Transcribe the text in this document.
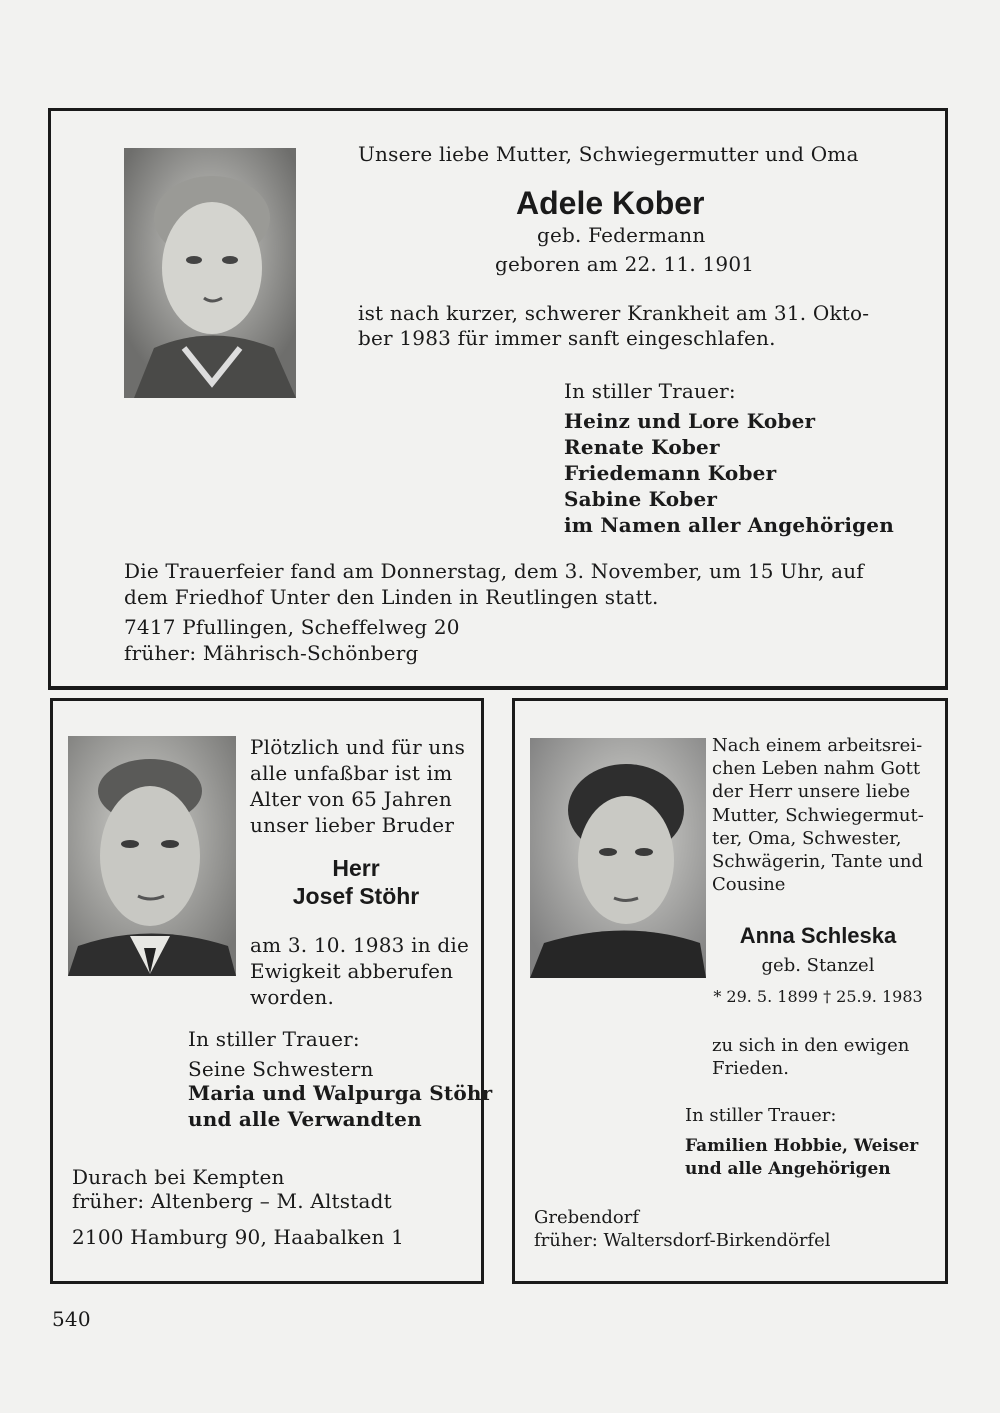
Unsere liebe Mutter, Schwiegermutter und Oma
Adele Kober
geb. Federmann
geboren am 22. 11. 1901
ist nach kurzer, schwerer Krankheit am 31. Okto-
ber 1983 für immer sanft eingeschlafen.
In stiller Trauer:
Heinz und Lore Kober
Renate Kober
Friedemann Kober
Sabine Kober
im Namen aller Angehörigen
Die Trauerfeier fand am Donnerstag, dem 3. November, um 15 Uhr, auf
dem Friedhof Unter den Linden in Reutlingen statt.
7417 Pfullingen, Scheffelweg 20
früher: Mährisch-Schönberg
Plötzlich und für uns
alle unfaßbar ist im
Alter von 65 Jahren
unser lieber Bruder
Herr
Josef Stöhr
am 3. 10. 1983 in die
Ewigkeit abberufen
worden.
In stiller Trauer:
Seine Schwestern
Maria und Walpurga Stöhr
und alle Verwandten
Durach bei Kempten
früher: Altenberg – M. Altstadt
2100 Hamburg 90, Haabalken 1
Nach einem arbeitsrei-
chen Leben nahm Gott
der Herr unsere liebe
Mutter, Schwiegermut-
ter, Oma, Schwester,
Schwägerin, Tante und
Cousine
Anna Schleska
geb. Stanzel
* 29. 5. 1899 † 25.9. 1983
zu sich in den ewigen
Frieden.
In stiller Trauer:
Familien Hobbie, Weiser
und alle Angehörigen
Grebendorf
früher: Waltersdorf-Birkendörfel
540
